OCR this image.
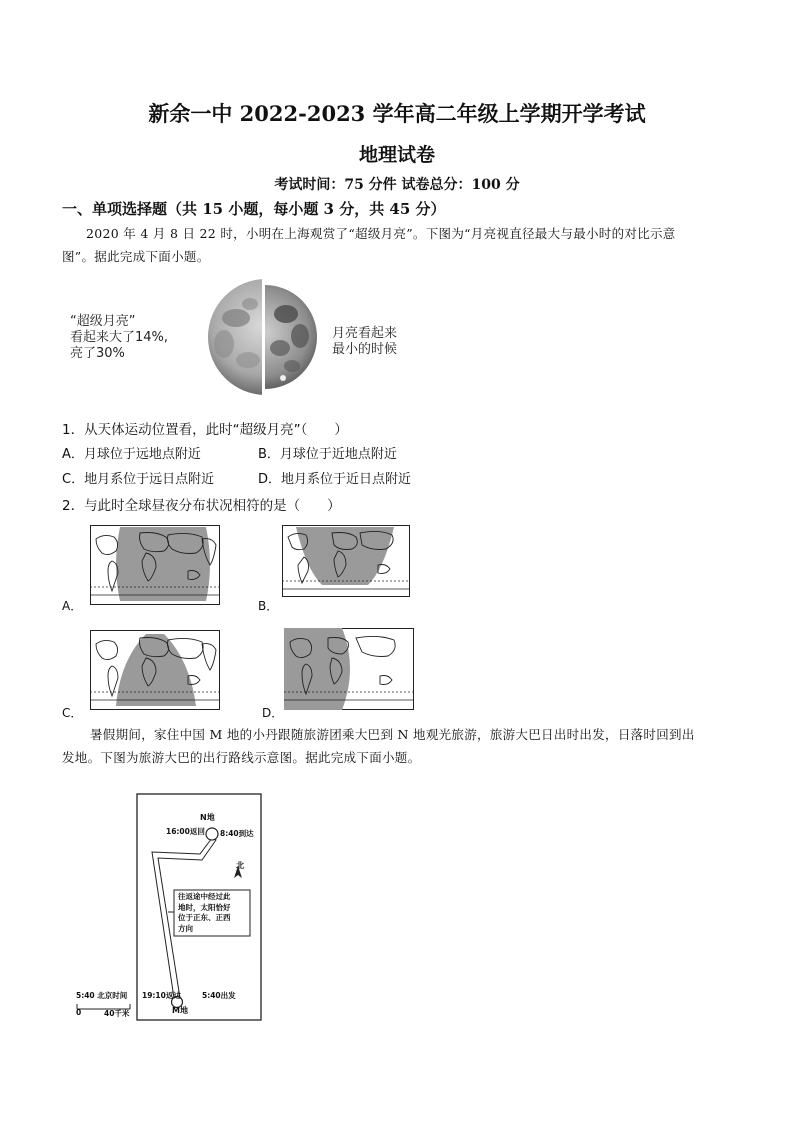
新余一中 2022-2023 学年高二年级上学期开学考试
地理试卷
考试时间：75 分件 试卷总分：100 分
一、单项选择题（共 15 小题，每小题 3 分，共 45 分）
2020 年 4 月 8 日 22 时，小明在上海观赏了“超级月亮”。下图为“月亮视直径最大与最小时的对比示意
图”。据此完成下面小题。
“超级月亮”
看起来大了14%,
亮了30%
月亮看起来
最小的时候
1．从天体运动位置看，此时“超级月亮”（　　）
A．月球位于远地点附近	B．月球位于近地点附近
C．地月系位于远日点附近	D．地月系位于近日点附近
2．与此时全球昼夜分布状况相符的是（　　）
A．	B．
C．	D．
暑假期间，家住中国 M 地的小丹跟随旅游团乘大巴到 N 地观光旅游，旅游大巴日出时出发，日落时回到出
发地。下图为旅游大巴的出行路线示意图。据此完成下面小题。
N地
16:00返回 8:40到达
北
往返途中经过此
地时，太阳恰好
位于正东、正西
方向
19:10返达	5:40出发
M地
5:40 北京时间
0	40千米
